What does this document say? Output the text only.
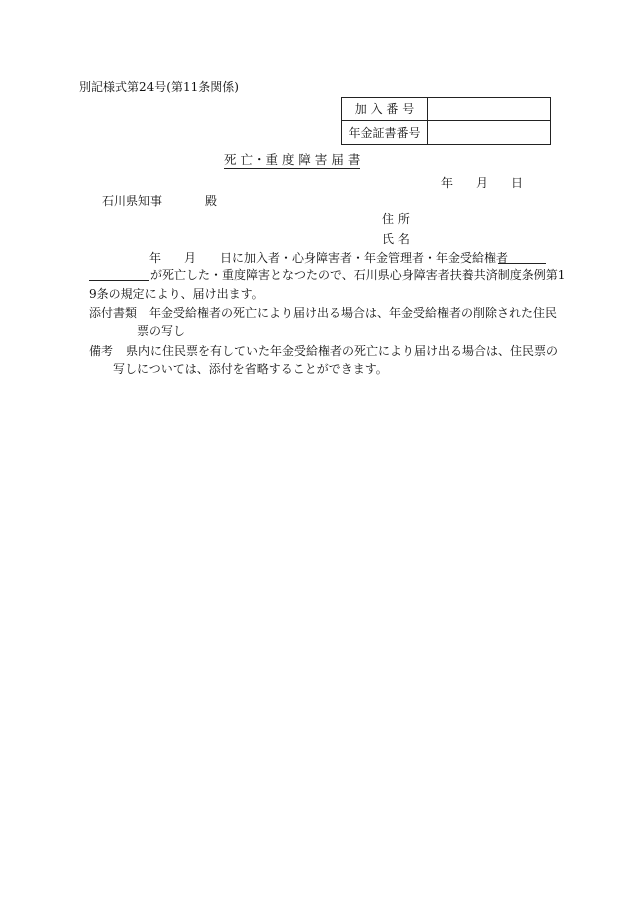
別記様式第24号(第11条関係)
加 入 番 号
年金証書番号
死 亡・重 度 障 害 届 書
年 月 日
石川県知事	殿
住 所
氏 名
年 月 日に加入者・心身障害者・年金管理者・年金受給権者
が死亡した・重度障害となつたので、石川県心身障害者扶養共済制度条例第1
9条の規定により、届け出ます。
添付書類 年金受給権者の死亡により届け出る場合は、年金受給権者の削除された住民
票の写し
備考 県内に住民票を有していた年金受給権者の死亡により届け出る場合は、住民票の
写しについては、添付を省略することができます。
